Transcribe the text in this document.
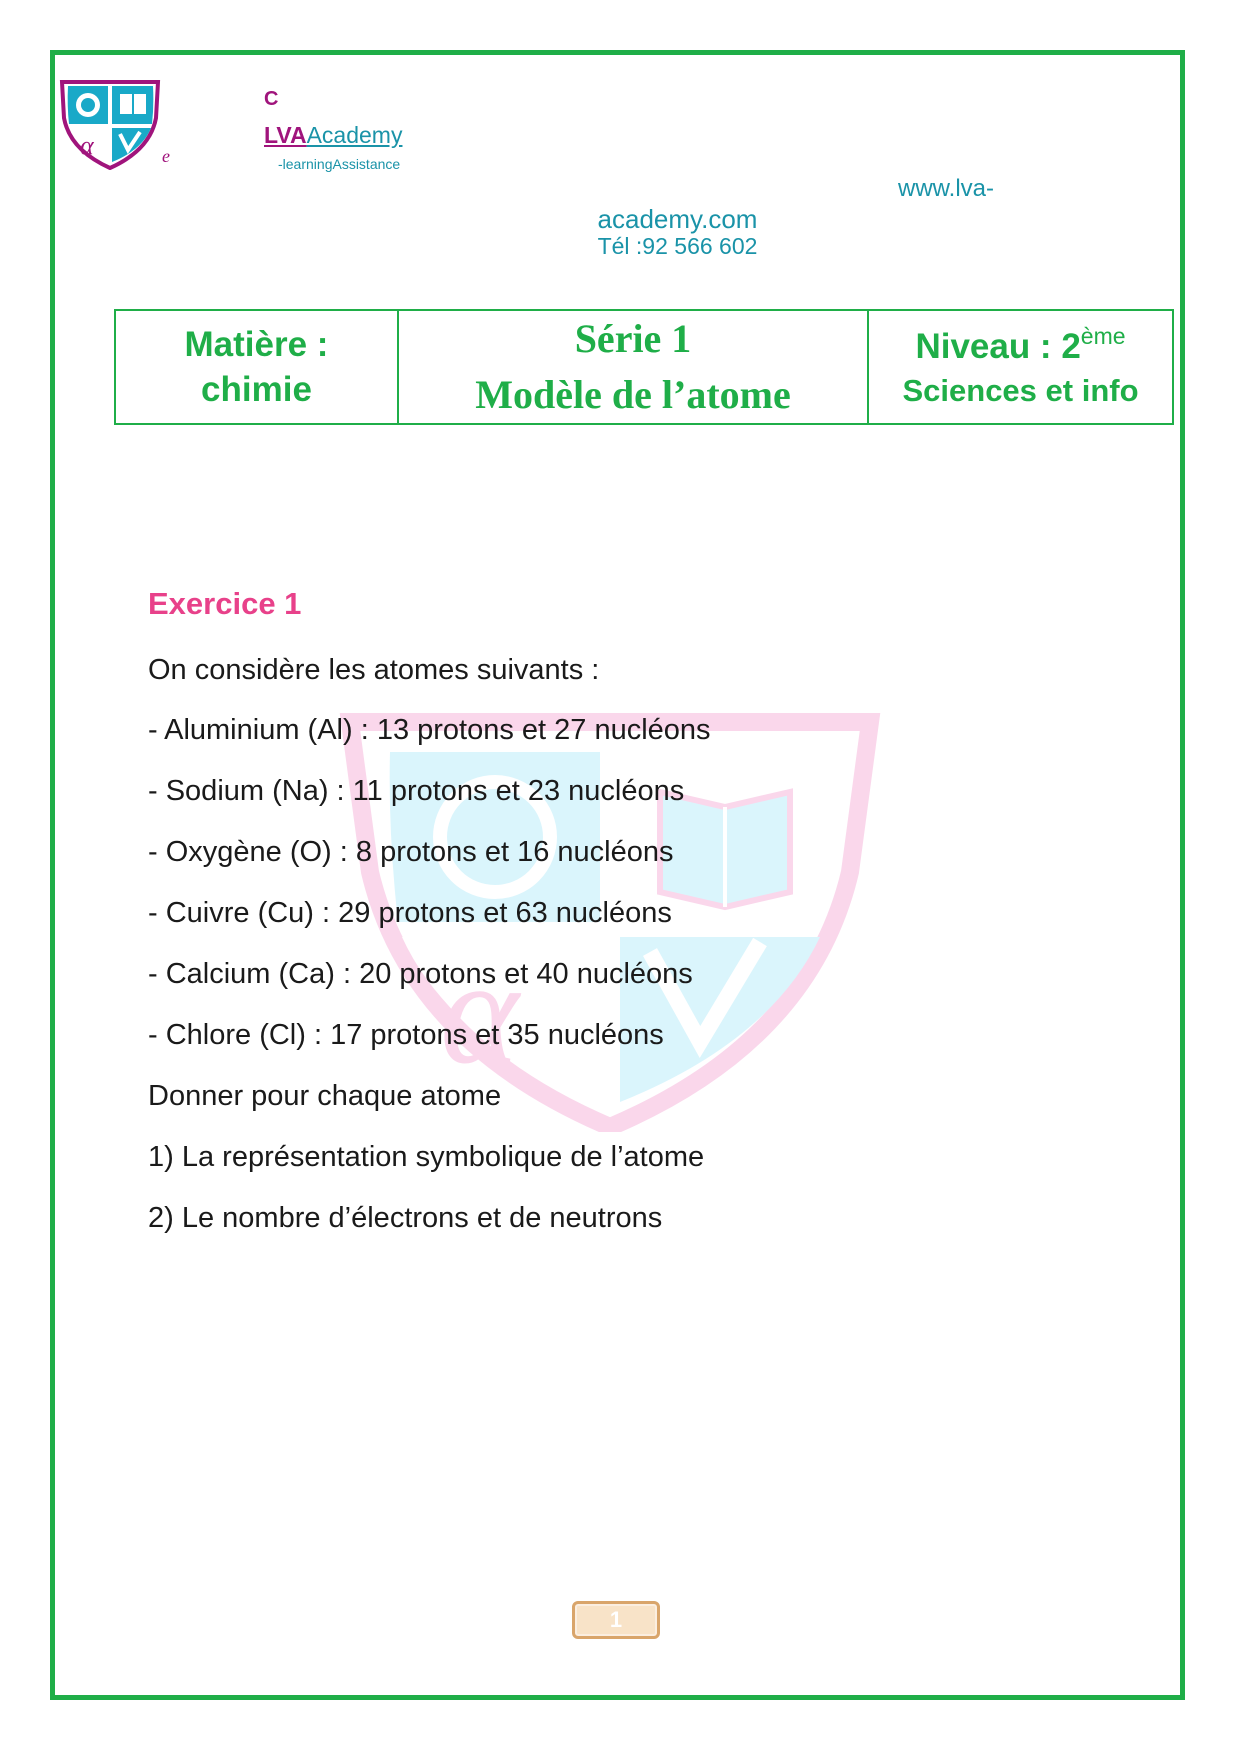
α	e
C
LVAAcademy
-learningAssistance
www.lva-
academy.com
Tél :92 566 602
Matière :
chimie

Série 1
Modèle de l’atome

Niveau : 2ème
Sciences et info
α
Exercice 1
On considère les atomes suivants :
- Aluminium (Al) : 13 protons et 27 nucléons
- Sodium (Na) : 11 protons et 23 nucléons
- Oxygène (O) : 8 protons et 16 nucléons
- Cuivre (Cu) : 29 protons et 63 nucléons
- Calcium (Ca) : 20 protons et 40 nucléons
- Chlore (Cl) : 17 protons et 35 nucléons
Donner pour chaque atome
1) La représentation symbolique de l’atome
2) Le nombre d’électrons et de neutrons
1
